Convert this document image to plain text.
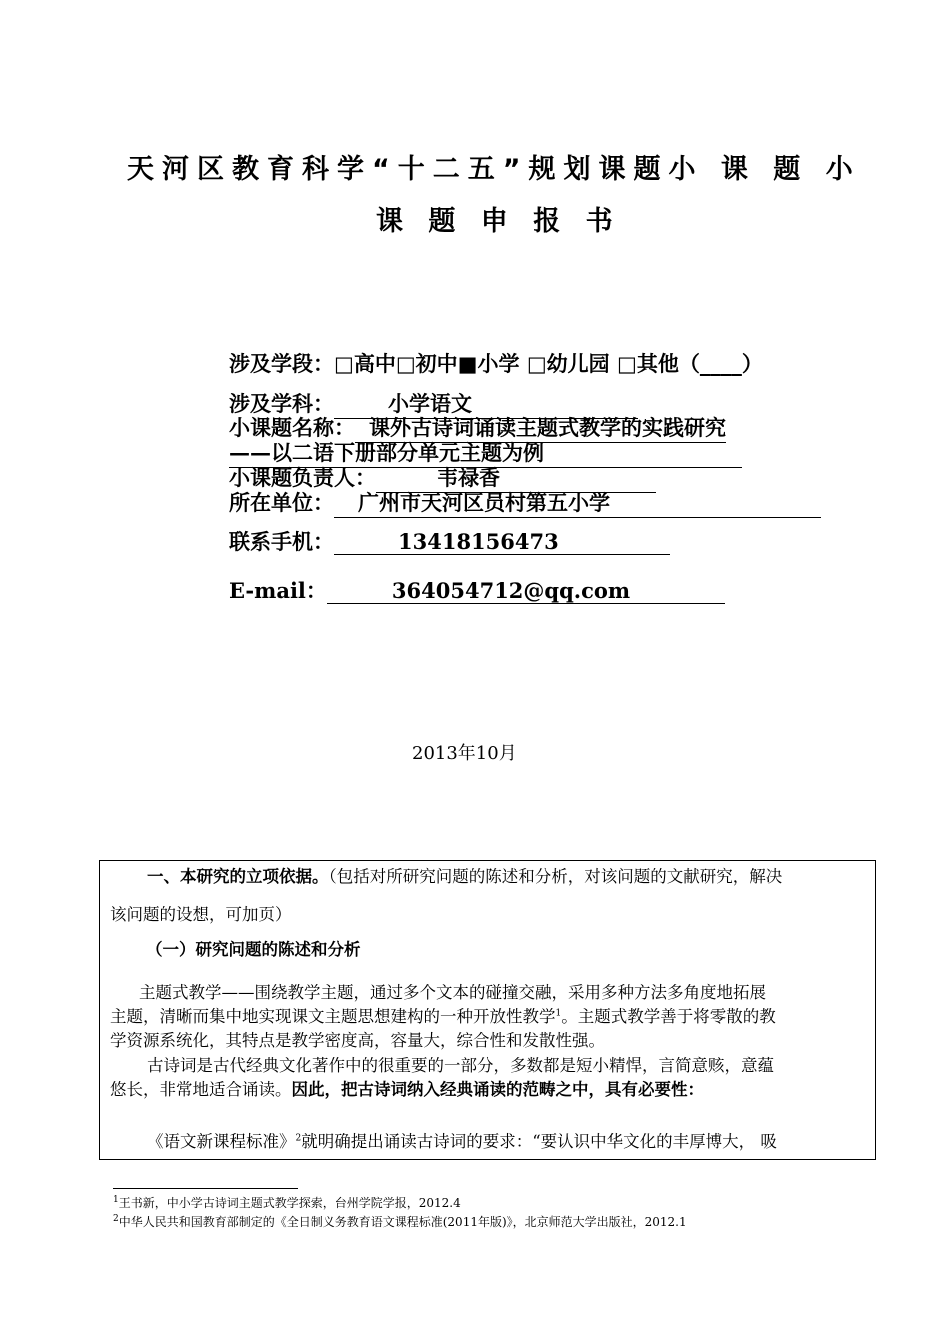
天河区教育科学“十二五”规划课题小 课 题 小
课 题 申 报 书
涉及学段：□高中□初中■小学 □幼儿园 □其他（____）
涉及学科：	小学语文
小课题名称： 课外古诗词诵读主题式教学的实践研究
——以二语下册部分单元主题为例
小课题负责人：	韦禄香
所在单位： 广州市天河区员村第五小学
联系手机：	13418156473
E-mail：	364054712@qq.com
2013年10月
一、本研究的立项依据。（包括对所研究问题的陈述和分析，对该问题的文献研究，解决
该问题的设想，可加页）
（一）研究问题的陈述和分析
主题式教学——围绕教学主题，通过多个文本的碰撞交融，采用多种方法多角度地拓展
主题，清晰而集中地实现课文主题思想建构的一种开放性教学$^1$。主题式教学善于将零散的教
学资源系统化，其特点是教学密度高，容量大，综合性和发散性强。
古诗词是古代经典文化著作中的很重要的一部分，多数都是短小精悍，言简意赅，意蕴
悠长，非常地适合诵读。因此，把古诗词纳入经典诵读的范畴之中，具有必要性：
《语文新课程标准》$^2$就明确提出诵读古诗词的要求：“要认识中华文化的丰厚博大， 吸
$^1$王书新，中小学古诗词主题式教学探索，台州学院学报，2012.4
$^2$中华人民共和国教育部制定的《全日制义务教育语文课程标准(2011年版)》，北京师范大学出版社，2012.1
